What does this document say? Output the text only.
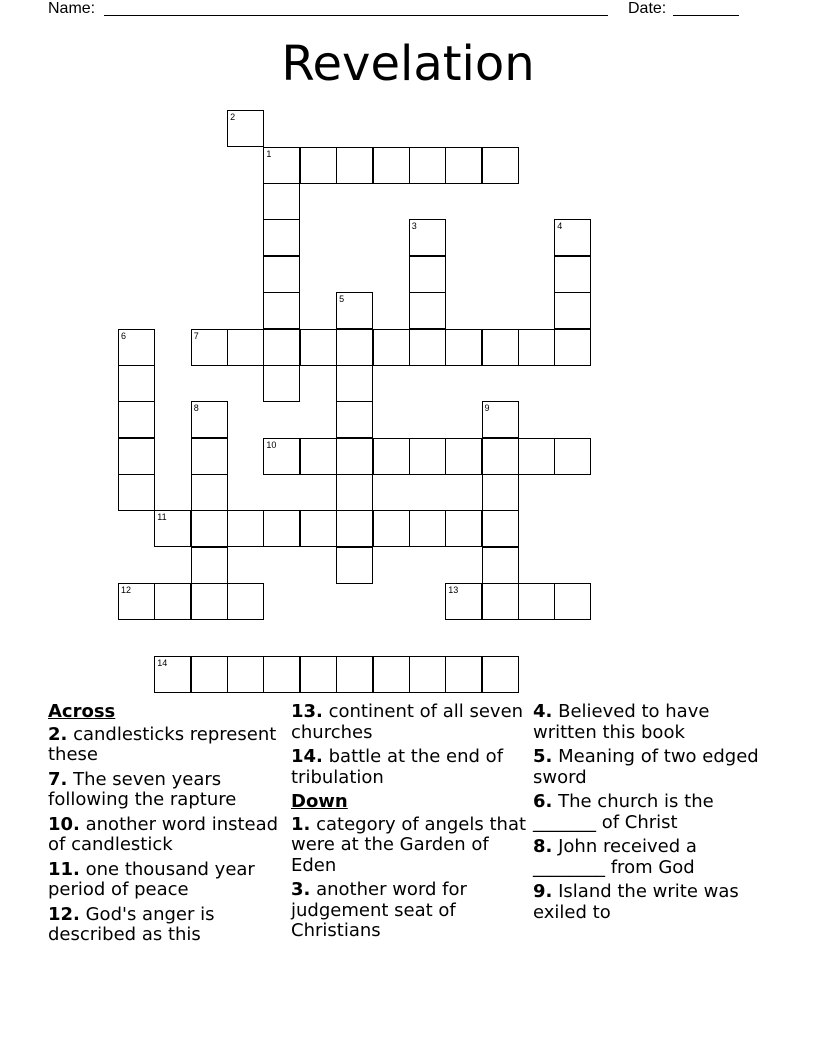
Name:	Date:
Revelation
1
2
3	4
5
6	7
8	9
10
11
12	13
14
Across
2. candlesticks represent these
7. The seven years following the rapture
10. another word instead of candlestick
11. one thousand year period of peace
12. God's anger is described as this
13. continent of all seven churches
14. battle at the end of tribulation
Down
1. category of angels that were at the Garden of Eden
3. another word for judgement seat of Christians
4. Believed to have written this book
5. Meaning of two edged sword
6. The church is the _______ of Christ
8. John received a ________ from God
9. Island the write was exiled to
